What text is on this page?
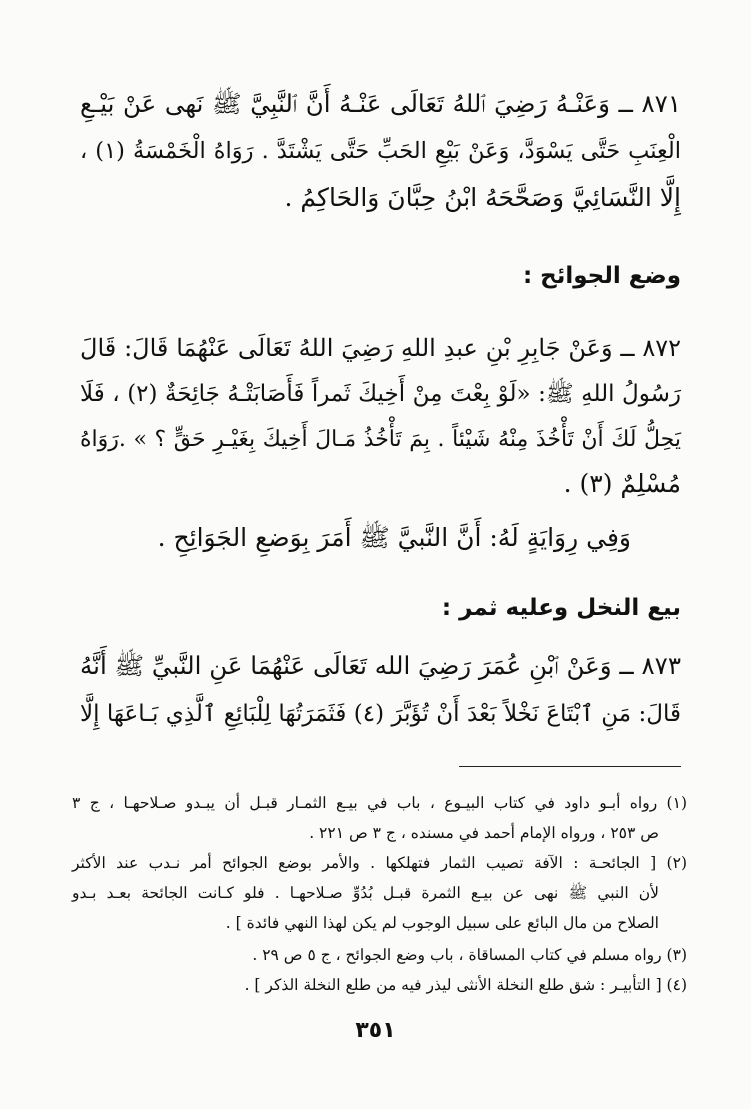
٨٧١ ــ وَعَنْـهُ رَضِيَ ٱللهُ تَعَالَى عَنْـهُ أَنَّ ٱلنَّبِيَّ ﷺ نَهى عَنْ بَيْـعِ
الْعِنَبِ حَتَّى يَسْوَدَّ، وَعَنْ بَيْعِ الحَبِّ حَتَّى يَشْتَدَّ . رَوَاهُ الْخَمْسَةُ (١) ،
إِلَّا النَّسَائِيَّ وَصَحَّحَهُ ابْنُ حِبَّانَ وَالحَاكِمُ .
وضع الجوائح :
٨٧٢ ــ وَعَنْ جَابِرِ بْنِ عبدِ اللهِ رَضِيَ اللهُ تَعَالَى عَنْهُمَا قَالَ: قَالَ
رَسُولُ اللهِ ﷺ: «لَوْ بِعْتَ مِنْ أَخِيكَ ثَمراً فَأَصَابَتْـهُ جَائِحَةٌ (٢) ، فَلَا
يَحِلُّ لَكَ أَنْ تَأْخُذَ مِنْهُ شَيْئاً . بِمَ تَأْخُذُ مَـالَ أَخِيكَ بِغَيْـرِ حَقٍّ ؟ » .رَوَاهُ
مُسْلِمٌ (٣) .
وَفِي رِوَايَةٍ لَهُ: أَنَّ النَّبيَّ ﷺ أَمَرَ بِوَضعِ الجَوَائِحِ .
بيع النخل وعليه ثمر :
٨٧٣ ــ وَعَنْ ٱبْنِ عُمَرَ رَضِيَ الله تَعَالَى عَنْهُمَا عَنِ النَّبيِّ ﷺ أَنَّهُ
قَالَ: مَنِ ٱبْتَاعَ نَخْلاً بَعْدَ أَنْ تُؤَبَّرَ (٤) فَثَمَرَتُهَا لِلْبَائِعِ ٱلَّذِي بَـاعَهَا إِلَّا
(١) رواه أبـو داود في كتاب البيـوع ، باب في بيـع الثمـار قبـل أن يبـدو صـلاحهـا ، ج ٣
ص ٢٥٣ ، ورواه الإمام أحمد في مسنده ، ج ٣ ص ٢٢١ .
(٢) [ الجائحـة : الآفة تصيب الثمار فتهلكها . والأمر بوضع الجوائح أمر نـدب عند الأكثر
لأن النبي ﷺ نهى عن بيـع الثمرة قبـل بُدُوِّ صـلاحهـا . فلو كـانت الجائحة بعـد بـدو
الصلاح من مال البائع على سبيل الوجوب لم يكن لهذا النهي فائدة ] .
(٣) رواه مسلم في كتاب المساقاة ، باب وضع الجوائح ، ج ٥ ص ٢٩ .
(٤) [ التأبيـر : شق طلع النخلة الأنثى ليذر فيه من طلع النخلة الذكر ] .
٣٥١
